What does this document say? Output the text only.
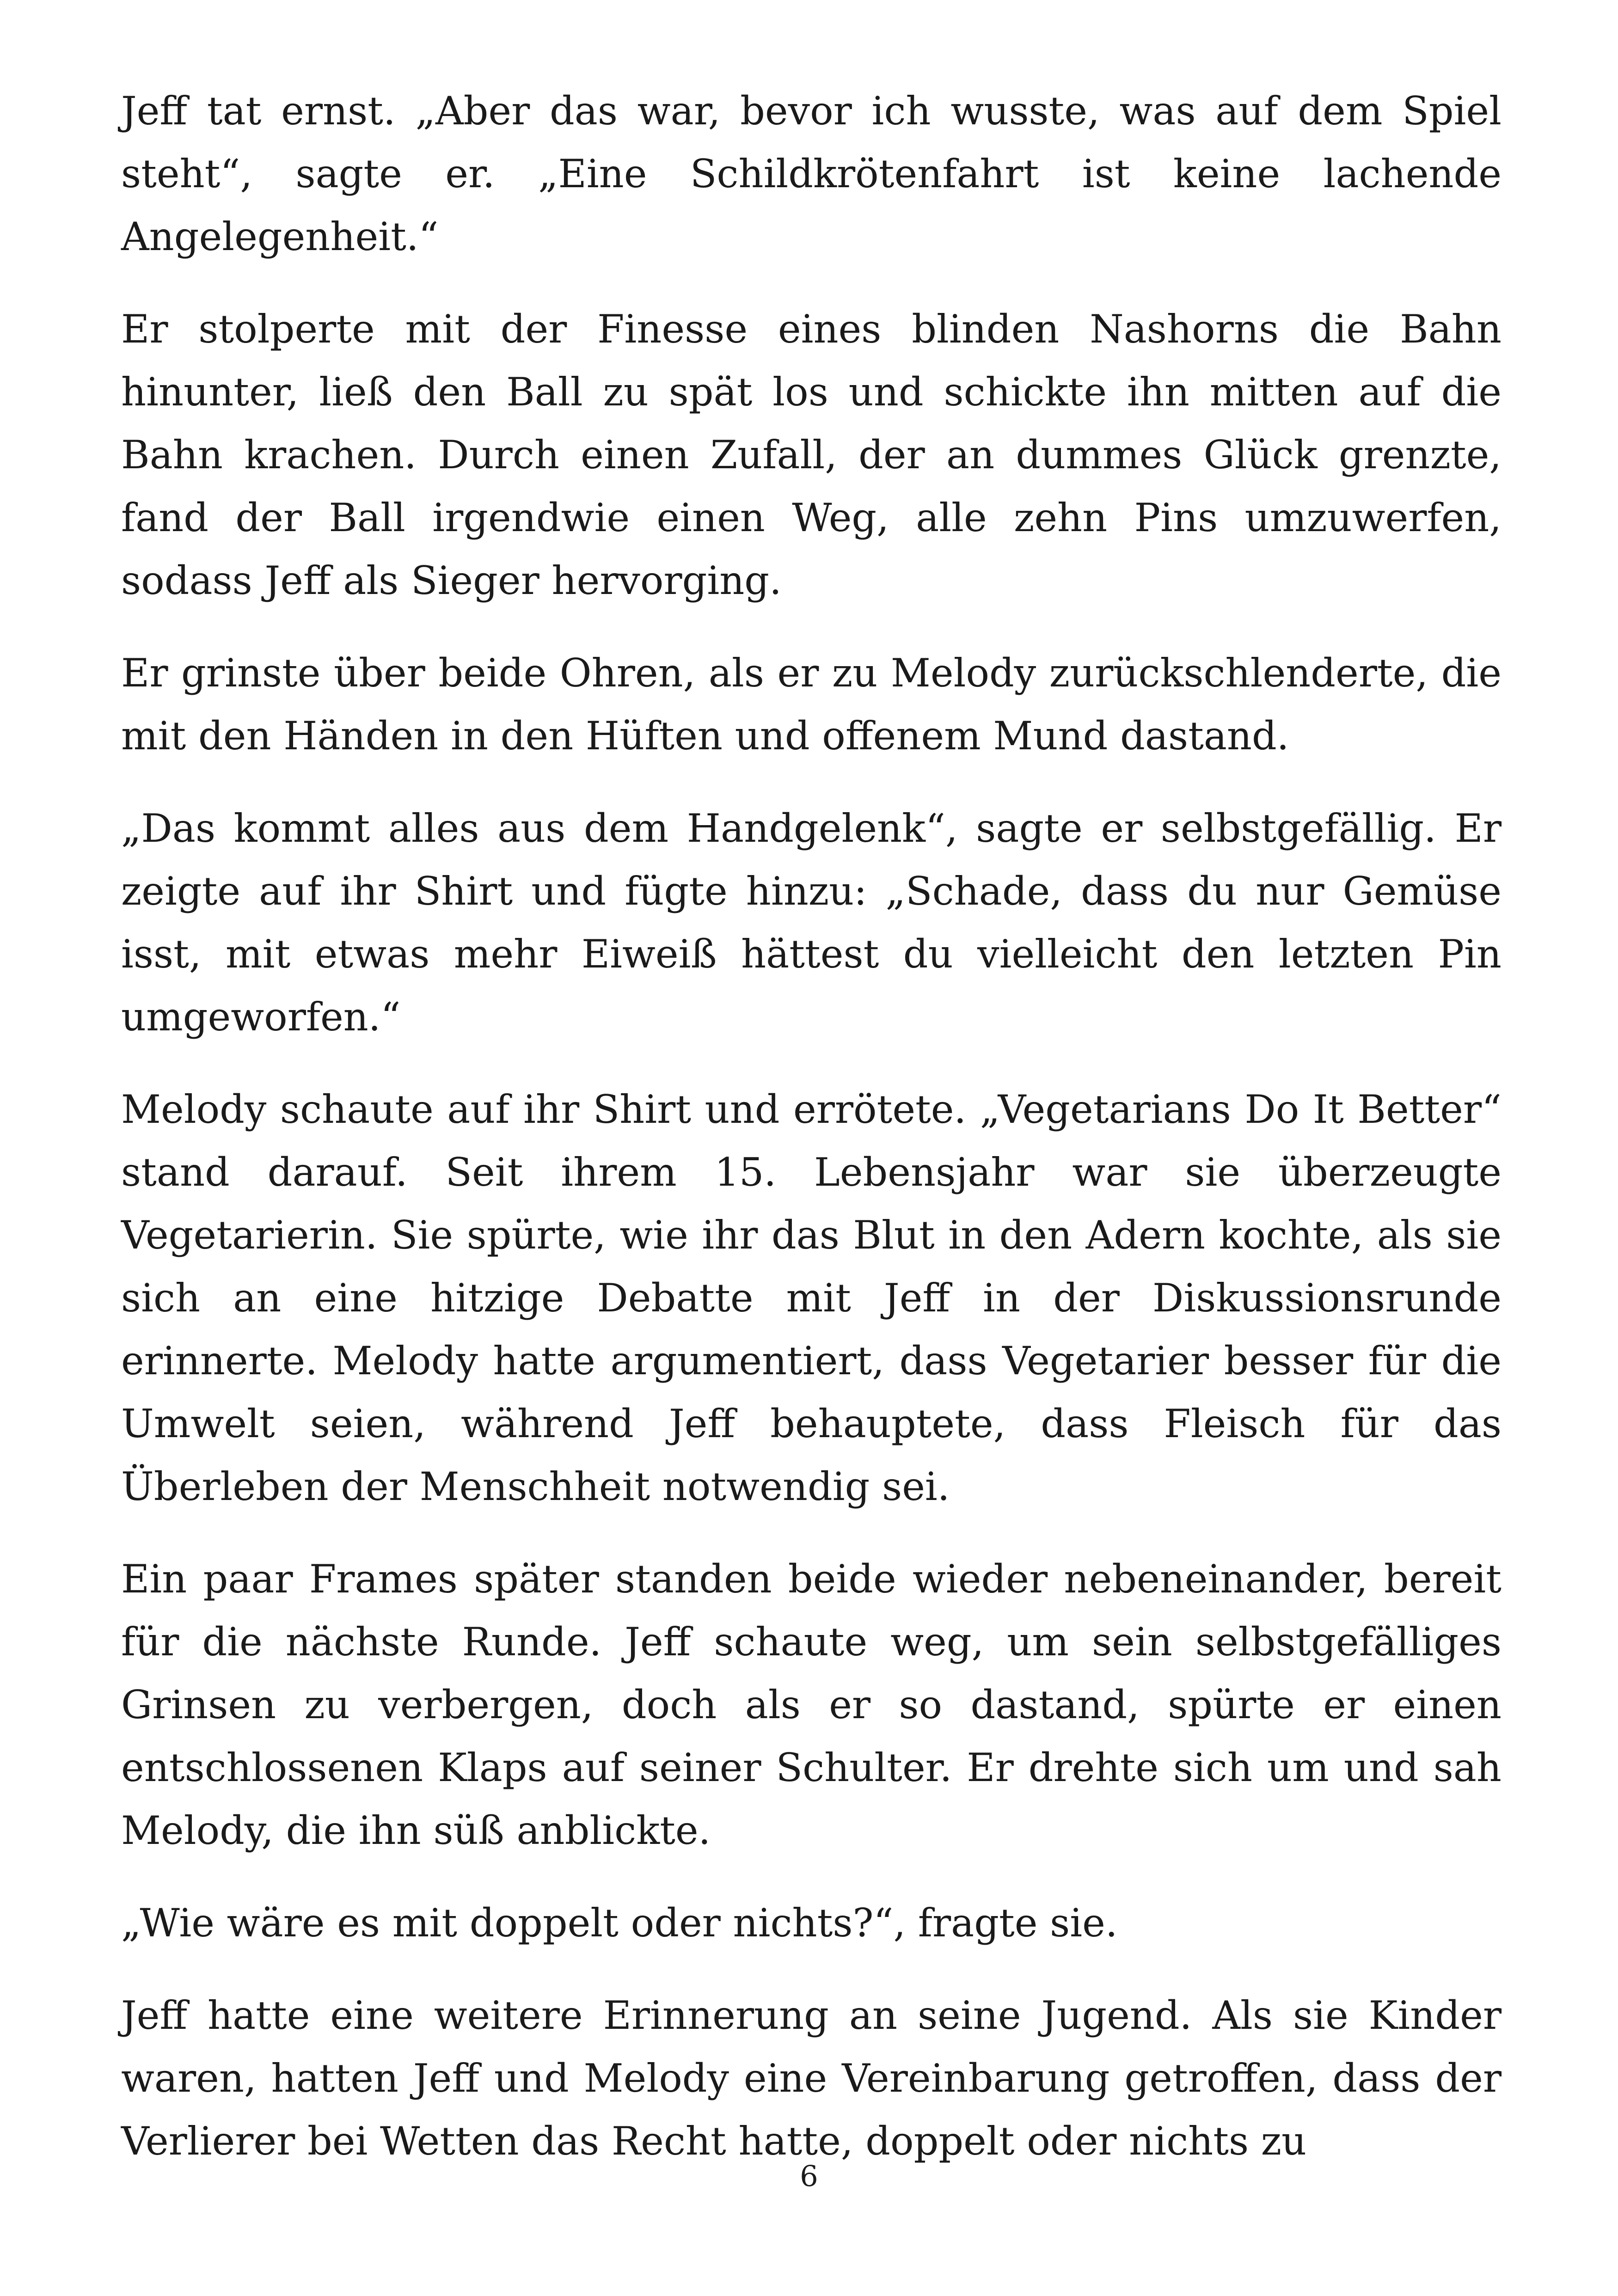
Jeff tat ernst. „Aber das war, bevor ich wusste, was auf dem Spiel steht“, sagte er. „Eine Schildkrötenfahrt ist keine lachende Angelegenheit.“

Er stolperte mit der Finesse eines blinden Nashorns die Bahn hinunter, ließ den Ball zu spät los und schickte ihn mitten auf die Bahn krachen. Durch einen Zufall, der an dummes Glück grenzte, fand der Ball irgendwie einen Weg, alle zehn Pins umzuwerfen, sodass Jeff als Sieger hervorging.

Er grinste über beide Ohren, als er zu Melody zurückschlenderte, die mit den Händen in den Hüften und offenem Mund dastand.

„Das kommt alles aus dem Handgelenk“, sagte er selbstgefällig. Er zeigte auf ihr Shirt und fügte hinzu: „Schade, dass du nur Gemüse isst, mit etwas mehr Eiweiß hättest du vielleicht den letzten Pin umgeworfen.“

Melody schaute auf ihr Shirt und errötete. „Vegetarians Do It Better“ stand darauf. Seit ihrem 15. Lebensjahr war sie überzeugte Vegetarierin. Sie spürte, wie ihr das Blut in den Adern kochte, als sie sich an eine hitzige Debatte mit Jeff in der Diskussionsrunde erinnerte. Melody hatte argumentiert, dass Vegetarier besser für die Umwelt seien, während Jeff behauptete, dass Fleisch für das Überleben der Menschheit notwendig sei.

Ein paar Frames später standen beide wieder nebeneinander, bereit für die nächste Runde. Jeff schaute weg, um sein selbstgefälliges Grinsen zu verbergen, doch als er so dastand, spürte er einen entschlossenen Klaps auf seiner Schulter. Er drehte sich um und sah Melody, die ihn süß anblickte.

„Wie wäre es mit doppelt oder nichts?“, fragte sie.

Jeff hatte eine weitere Erinnerung an seine Jugend. Als sie Kinder waren, hatten Jeff und Melody eine Vereinbarung getroffen, dass der Verlierer bei Wetten das Recht hatte, doppelt oder nichts zu

6
